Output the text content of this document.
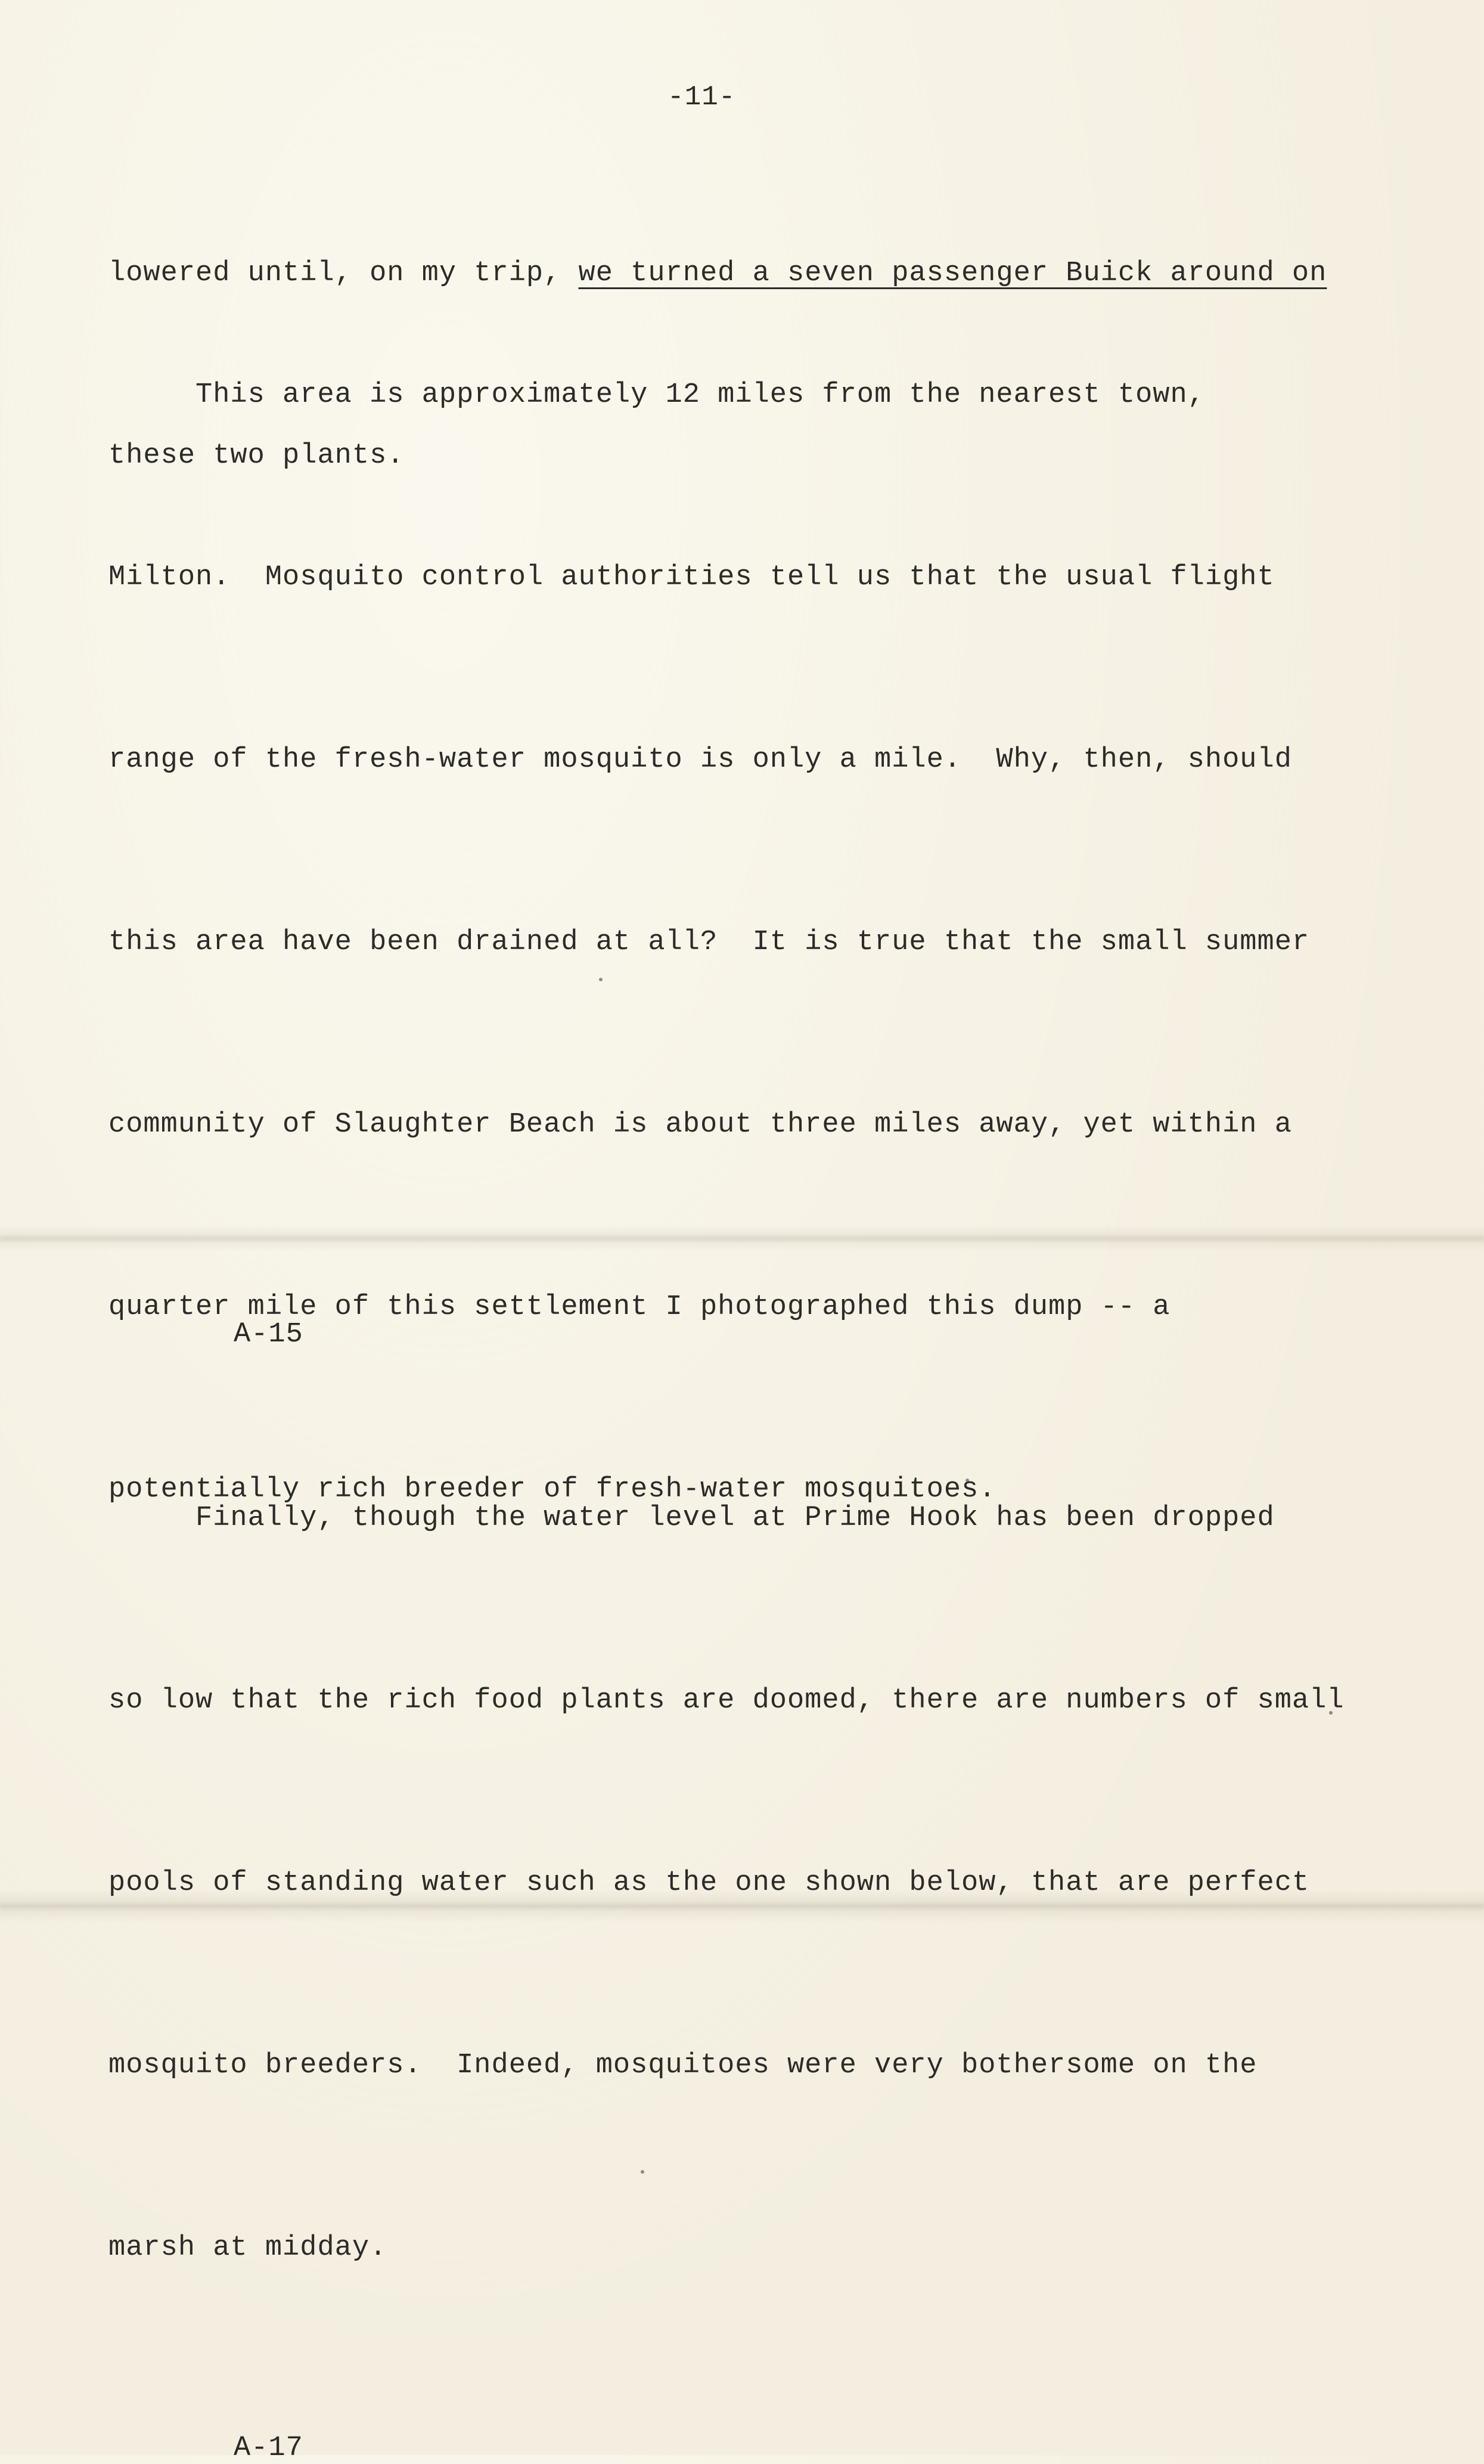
-11-

lowered until, on my trip, we turned a seven passenger Buick around on

these two plants.

This area is approximately 12 miles from the nearest town,

Milton.  Mosquito control authorities tell us that the usual flight

range of the fresh-water mosquito is only a mile.  Why, then, should

this area have been drained at all?  It is true that the small summer

community of Slaughter Beach is about three miles away, yet within a

quarter mile of this settlement I photographed this dump -- a

potentially rich breeder of fresh-water mosquitoes.

A-15

Finally, though the water level at Prime Hook has been dropped

so low that the rich food plants are doomed, there are numbers of small

pools of standing water such as the one shown below, that are perfect

mosquito breeders.  Indeed, mosquitoes were very bothersome on the

marsh at midday.

A-17
